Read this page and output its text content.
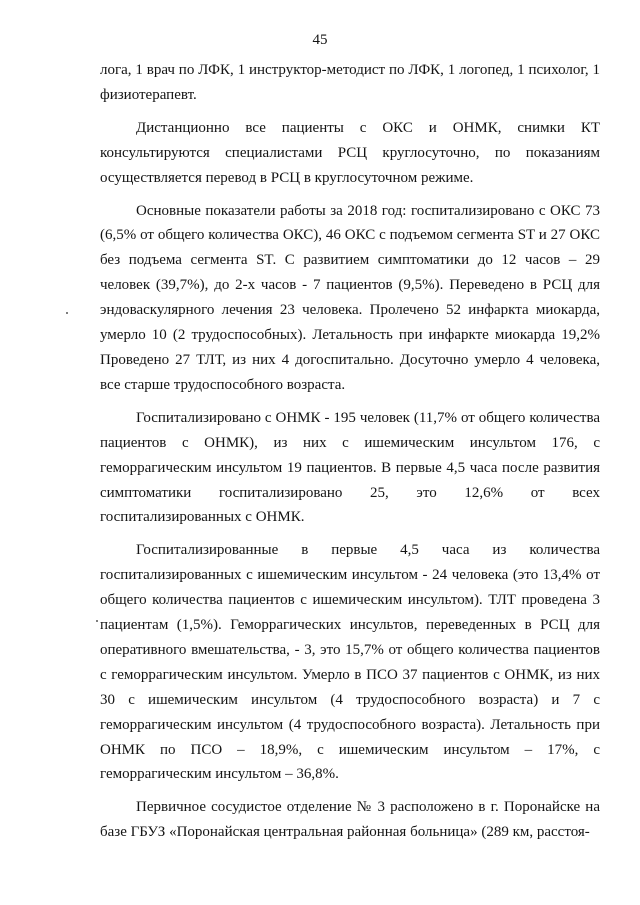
45

лога, 1 врач по ЛФК, 1 инструктор-методист по ЛФК, 1 логопед, 1 психолог, 1 физиотерапевт.

Дистанционно все пациенты с ОКС и ОНМК, снимки КТ консультируются специалистами РСЦ круглосуточно, по показаниям осуществляется перевод в РСЦ в круглосуточном режиме.

Основные показатели работы за 2018 год: госпитализировано с ОКС 73 (6,5% от общего количества ОКС), 46 ОКС с подъемом сегмента ST и 27 ОКС без подъема сегмента ST. С развитием симптоматики до 12 часов – 29 человек (39,7%), до 2-х часов - 7 пациентов (9,5%). Переведено в РСЦ для эндоваскулярного лечения 23 человека. Пролечено 52 инфаркта миокарда, умерло 10 (2 трудоспособных). Летальность при инфаркте миокарда 19,2% Проведено 27 ТЛТ, из них 4 догоспитально. Досуточно умерло 4 человека, все старше трудоспособного возраста.

Госпитализировано с ОНМК - 195 человек (11,7% от общего количества пациентов с ОНМК), из них с ишемическим инсультом 176, с геморрагическим инсультом 19 пациентов. В первые 4,5 часа после развития симптоматики госпитализировано 25, это 12,6% от всех госпитализированных с ОНМК.

Госпитализированные в первые 4,5 часа из количества госпитализированных с ишемическим инсультом - 24 человека (это 13,4% от общего количества пациентов с ишемическим инсультом). ТЛТ проведена 3 пациентам (1,5%). Геморрагических инсультов, переведенных в РСЦ для оперативного вмешательства, - 3, это 15,7% от общего количества пациентов с геморрагическим инсультом. Умерло в ПСО 37 пациентов с ОНМК, из них 30 с ишемическим инсультом (4 трудоспособного возраста) и 7 с геморрагическим инсультом (4 трудоспособного возраста). Летальность при ОНМК по ПСО – 18,9%, с ишемическим инсультом – 17%, с геморрагическим инсультом – 36,8%.

Первичное сосудистое отделение № 3 расположено в г. Поронайске на базе ГБУЗ «Поронайская центральная районная больница» (289 км, расстоя-
